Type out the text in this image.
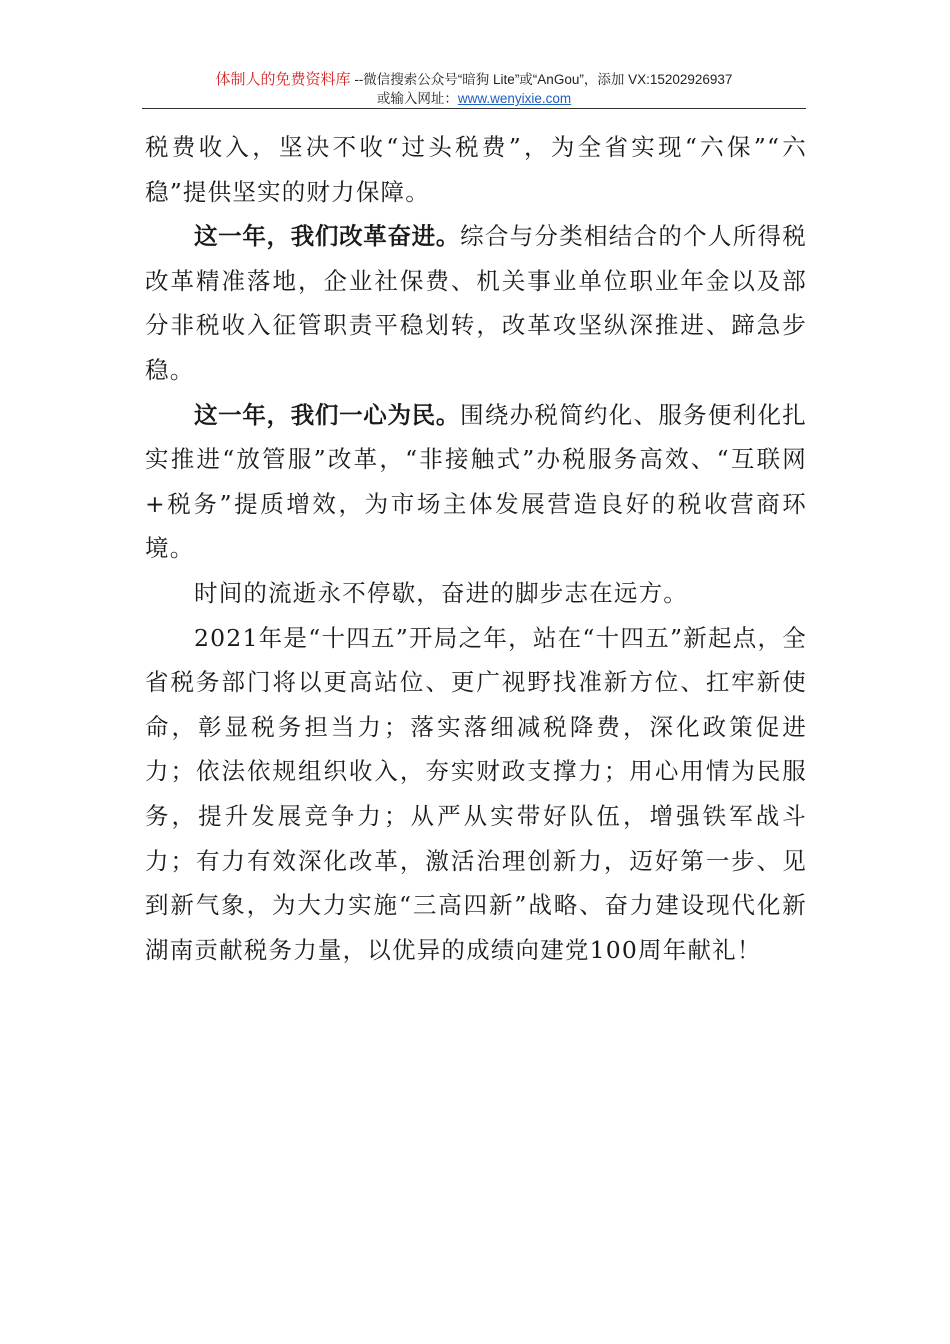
体制人的免费资料库 --微信搜索公众号“暗狗 Lite”或“AnGou”，添加 VX:15202926937
或输入网址：www.wenyixie.com

税费收入，坚决不收“过头税费”，为全省实现“六保”“六稳”提供坚实的财力保障。

这一年，我们改革奋进。综合与分类相结合的个人所得税改革精准落地，企业社保费、机关事业单位职业年金以及部分非税收入征管职责平稳划转，改革攻坚纵深推进、蹄急步稳。

这一年，我们一心为民。围绕办税简约化、服务便利化扎实推进“放管服”改革，“非接触式”办税服务高效、“互联网+税务”提质增效，为市场主体发展营造良好的税收营商环境。

时间的流逝永不停歇，奋进的脚步志在远方。

2021年是“十四五”开局之年，站在“十四五”新起点，全省税务部门将以更高站位、更广视野找准新方位、扛牢新使命，彰显税务担当力；落实落细减税降费，深化政策促进力；依法依规组织收入，夯实财政支撑力；用心用情为民服务，提升发展竞争力；从严从实带好队伍，增强铁军战斗力；有力有效深化改革，激活治理创新力，迈好第一步、见到新气象，为大力实施“三高四新”战略、奋力建设现代化新湖南贡献税务力量，以优异的成绩向建党100周年献礼！
